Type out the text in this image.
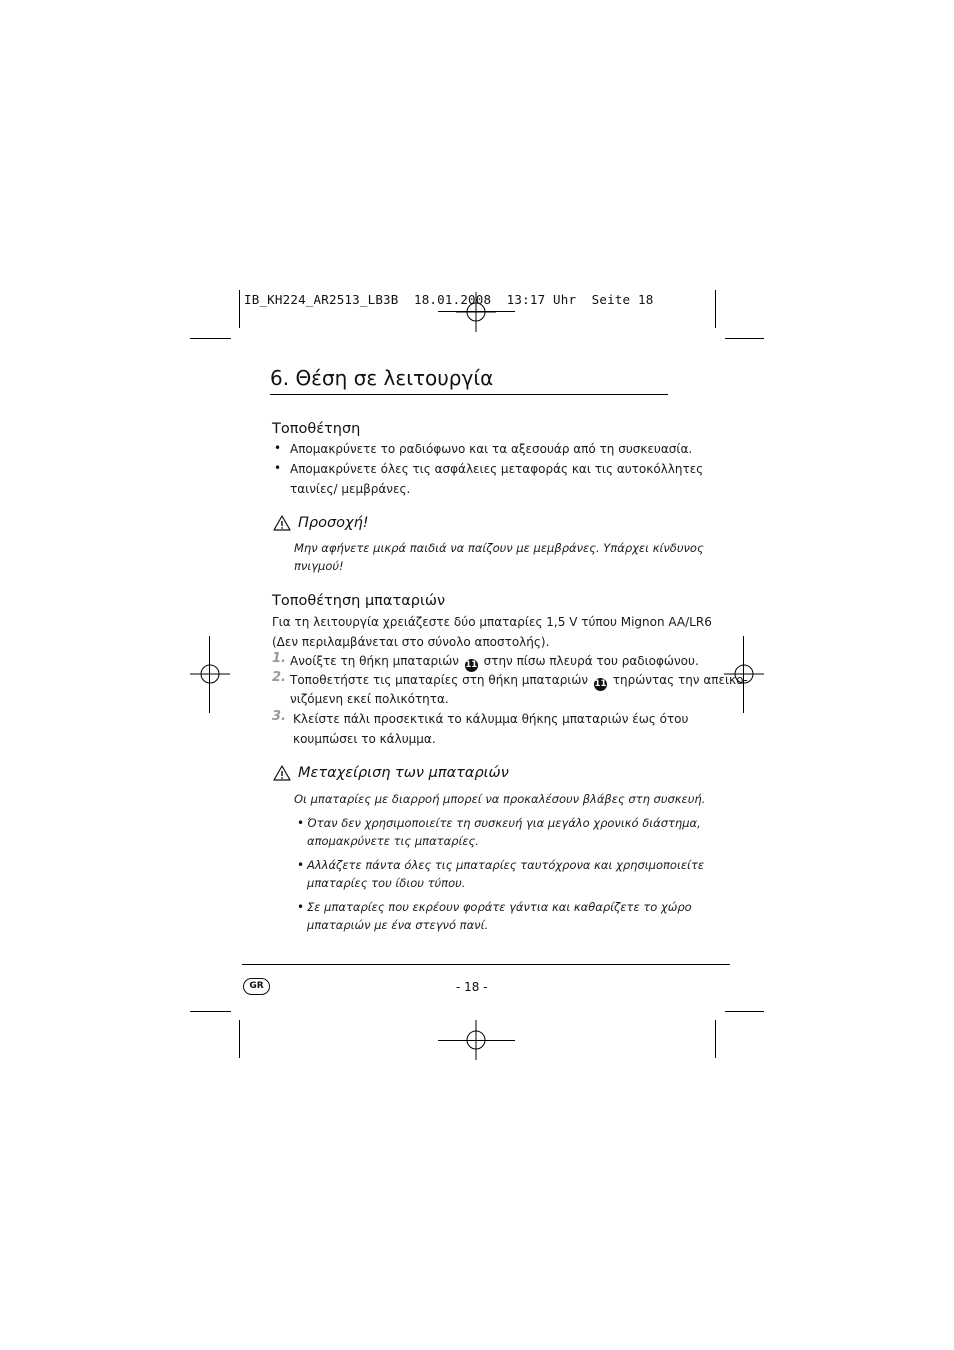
IB_KH224_AR2513_LB3B  18.01.2008  13:17 Uhr  Seite 18
6. Θέση σε λειτουργία
Τοποθέτηση
• Απομακρύνετε το ραδιόφωνο και τα αξεσουάρ από τη συσκευασία.
• Απομακρύνετε όλες τις ασφάλειες μεταφοράς και τις αυτοκόλλητες
ταινίες/ μεμβράνες.
Προσοχή!
Μην αφήνετε μικρά παιδιά να παίζουν με μεμβράνες. Υπάρχει κίνδυνος
πνιγμού!
Τοποθέτηση μπαταριών
Για τη λειτουργία χρειάζεστε δύο μπαταρίες 1,5 V τύπου Mignon AA/LR6
(Δεν περιλαμβάνεται στο σύνολο αποστολής).
1. Ανοίξτε τη θήκη μπαταριών 11 στην πίσω πλευρά του ραδιοφώνου.
2. Τοποθετήστε τις μπαταρίες στη θήκη μπαταριών 11 τηρώντας την απεικο-
νιζόμενη εκεί πολικότητα.
3. Κλείστε πάλι προσεκτικά το κάλυμμα θήκης μπαταριών έως ότου
κουμπώσει το κάλυμμα.
Μεταχείριση των μπαταριών
Οι μπαταρίες με διαρροή μπορεί να προκαλέσουν βλάβες στη συσκευή.
• Όταν δεν χρησιμοποιείτε τη συσκευή για μεγάλο χρονικό διάστημα,
απομακρύνετε τις μπαταρίες.
• Αλλάζετε πάντα όλες τις μπαταρίες ταυτόχρονα και χρησιμοποιείτε
μπαταρίες του ίδιου τύπου.
• Σε μπαταρίες που εκρέουν φοράτε γάντια και καθαρίζετε το χώρο
μπαταριών με ένα στεγνό πανί.
GR	- 18 -
